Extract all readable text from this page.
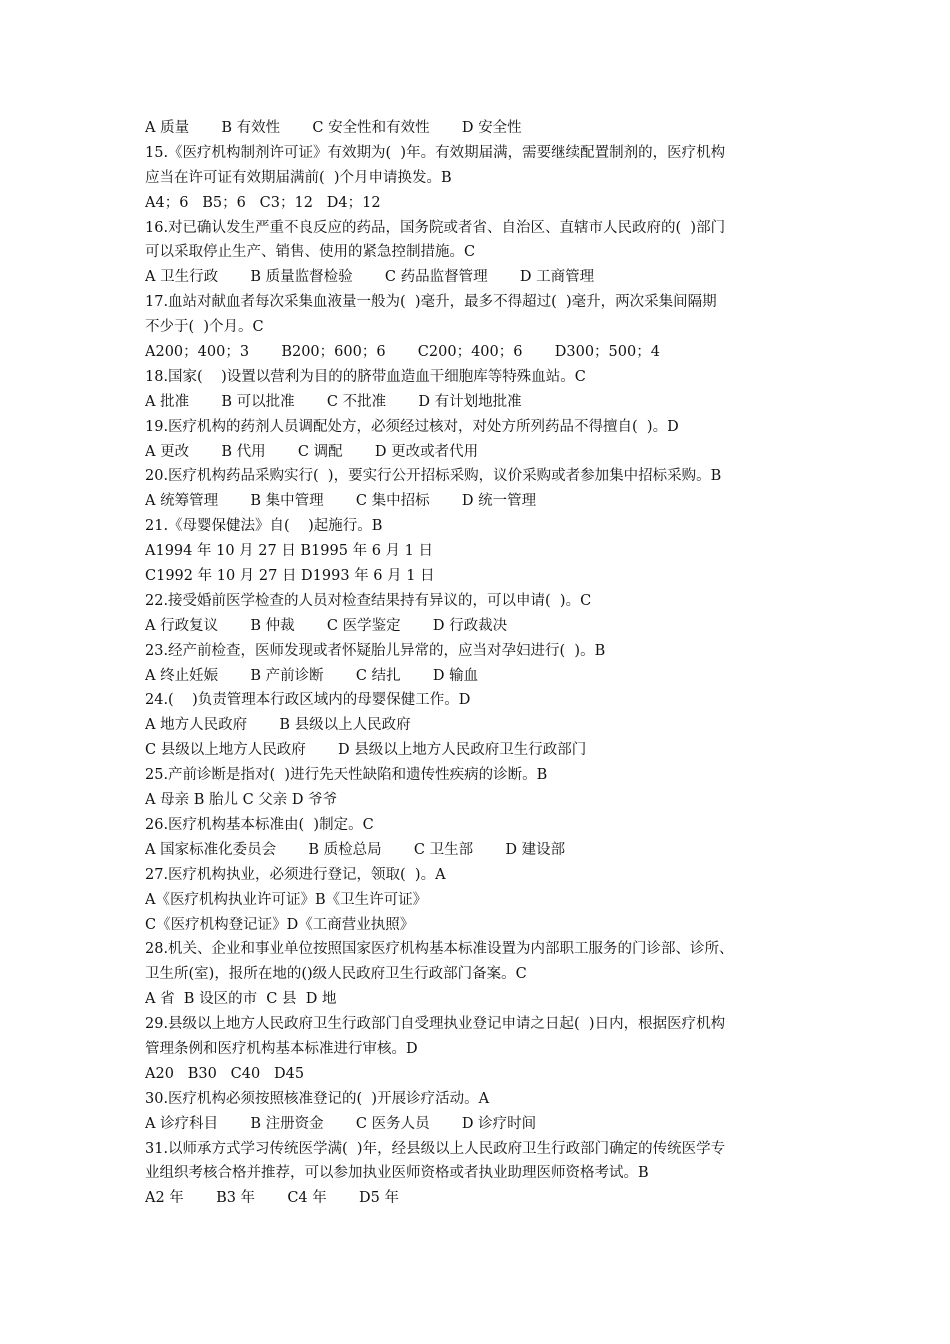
A 质量       B 有效性       C 安全性和有效性       D 安全性
15.《医疗机构制剂许可证》有效期为(  )年。有效期届满，需要继续配置制剂的，医疗机构
应当在许可证有效期届满前(  )个月申请换发。B
A4；6   B5；6   C3；12   D4；12
16.对已确认发生严重不良反应的药品，国务院或者省、自治区、直辖市人民政府的(  )部门
可以采取停止生产、销售、使用的紧急控制措施。C
A 卫生行政       B 质量监督检验       C 药品监督管理       D 工商管理
17.血站对献血者每次采集血液量一般为(  )毫升，最多不得超过(  )毫升，两次采集间隔期
不少于(  )个月。C
A200；400；3       B200；600；6       C200；400；6       D300；500；4
18.国家(    )设置以营利为目的的脐带血造血干细胞库等特殊血站。C
A 批准       B 可以批准       C 不批准       D 有计划地批准
19.医疗机构的药剂人员调配处方，必须经过核对，对处方所列药品不得擅自(  )。D
A 更改       B 代用       C 调配       D 更改或者代用
20.医疗机构药品采购实行(  )，要实行公开招标采购，议价采购或者参加集中招标采购。B
A 统筹管理       B 集中管理       C 集中招标       D 统一管理
21.《母婴保健法》自(    )起施行。B
A1994 年 10 月 27 日 B1995 年 6 月 1 日
C1992 年 10 月 27 日 D1993 年 6 月 1 日
22.接受婚前医学检查的人员对检查结果持有异议的，可以申请(  )。C
A 行政复议       B 仲裁       C 医学鉴定       D 行政裁决
23.经产前检查，医师发现或者怀疑胎儿异常的，应当对孕妇进行(  )。B
A 终止妊娠       B 产前诊断       C 结扎       D 输血
24.(    )负责管理本行政区域内的母婴保健工作。D
A 地方人民政府       B 县级以上人民政府
C 县级以上地方人民政府       D 县级以上地方人民政府卫生行政部门
25.产前诊断是指对(  )进行先天性缺陷和遗传性疾病的诊断。B
A 母亲 B 胎儿 C 父亲 D 爷爷
26.医疗机构基本标准由(  )制定。C
A 国家标准化委员会       B 质检总局       C 卫生部       D 建设部
27.医疗机构执业，必须进行登记，领取(  )。A
A《医疗机构执业许可证》B《卫生许可证》
C《医疗机构登记证》D《工商营业执照》
28.机关、企业和事业单位按照国家医疗机构基本标准设置为内部职工服务的门诊部、诊所、
卫生所(室)，报所在地的()级人民政府卫生行政部门备案。C
A 省  B 设区的市  C 县  D 地
29.县级以上地方人民政府卫生行政部门自受理执业登记申请之日起(  )日内，根据医疗机构
管理条例和医疗机构基本标准进行审核。D
A20   B30   C40   D45
30.医疗机构必须按照核准登记的(  )开展诊疗活动。A
A 诊疗科目       B 注册资金       C 医务人员       D 诊疗时间
31.以师承方式学习传统医学满(  )年，经县级以上人民政府卫生行政部门确定的传统医学专
业组织考核合格并推荐，可以参加执业医师资格或者执业助理医师资格考试。B
A2 年       B3 年       C4 年       D5 年
